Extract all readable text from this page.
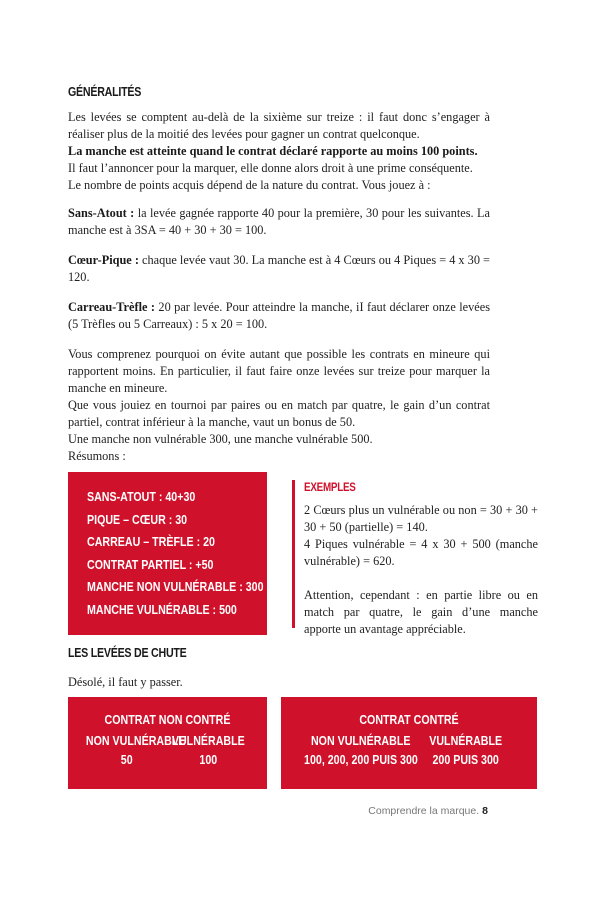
GÉNÉRALITÉS

Les levées se comptent au-delà de la sixième sur treize : il faut donc s’engager à réaliser plus de la moitié des levées pour gagner un contrat quelconque.

La manche est atteinte quand le contrat déclaré rapporte au moins 100 points.

Il faut l’annoncer pour la marquer, elle donne alors droit à une prime conséquente.

Le nombre de points acquis dépend de la nature du contrat. Vous jouez à :

Sans-Atout : la levée gagnée rapporte 40 pour la première, 30 pour les suivantes. La manche est à 3SA = 40 + 30 + 30 = 100.

Cœur-Pique : chaque levée vaut 30. La manche est à 4 Cœurs ou 4 Piques = 4 x 30 = 120.

Carreau-Trèfle : 20 par levée. Pour atteindre la manche, iI faut déclarer onze levées (5 Trèfles ou 5 Carreaux) : 5 x 20 = 100.

Vous comprenez pourquoi on évite autant que possible les contrats en mineure qui rapportent moins. En particulier, il faut faire onze levées sur treize pour marquer la manche en mineure.

Que vous jouiez en tournoi par paires ou en match par quatre, le gain d’un contrat partiel, contrat inférieur à la manche, vaut un bonus de 50.

Une manche non vulnérable 300, une manche vulnérable 500.

Résumons :

SANS-ATOUT : 40+30
PIQUE – CŒUR : 30
CARREAU – TRÈFLE : 20
CONTRAT PARTIEL : +50
MANCHE NON VULNÉRABLE : 300
MANCHE VULNÉRABLE : 500
EXEMPLES

2 Cœurs plus un vulnérable ou non = 30 + 30 + 30 + 50 (partielle) = 140.

4 Piques vulnérable = 4 x 30 + 500 (manche vulnérable) = 620.

Attention, cependant : en partie libre ou en match par quatre, le gain d’une manche apporte un avantage appréciable.

LES LEVÉES DE CHUTE
Désolé, il faut y passer.
CONTRAT NON CONTRÉ
NON VULNÉRABLE
50
VULNÉRABLE
100
CONTRAT CONTRÉ
NON VULNÉRABLE
100, 200, 200 PUIS 300
VULNÉRABLE
200 PUIS 300
Comprendre la marque. 8
